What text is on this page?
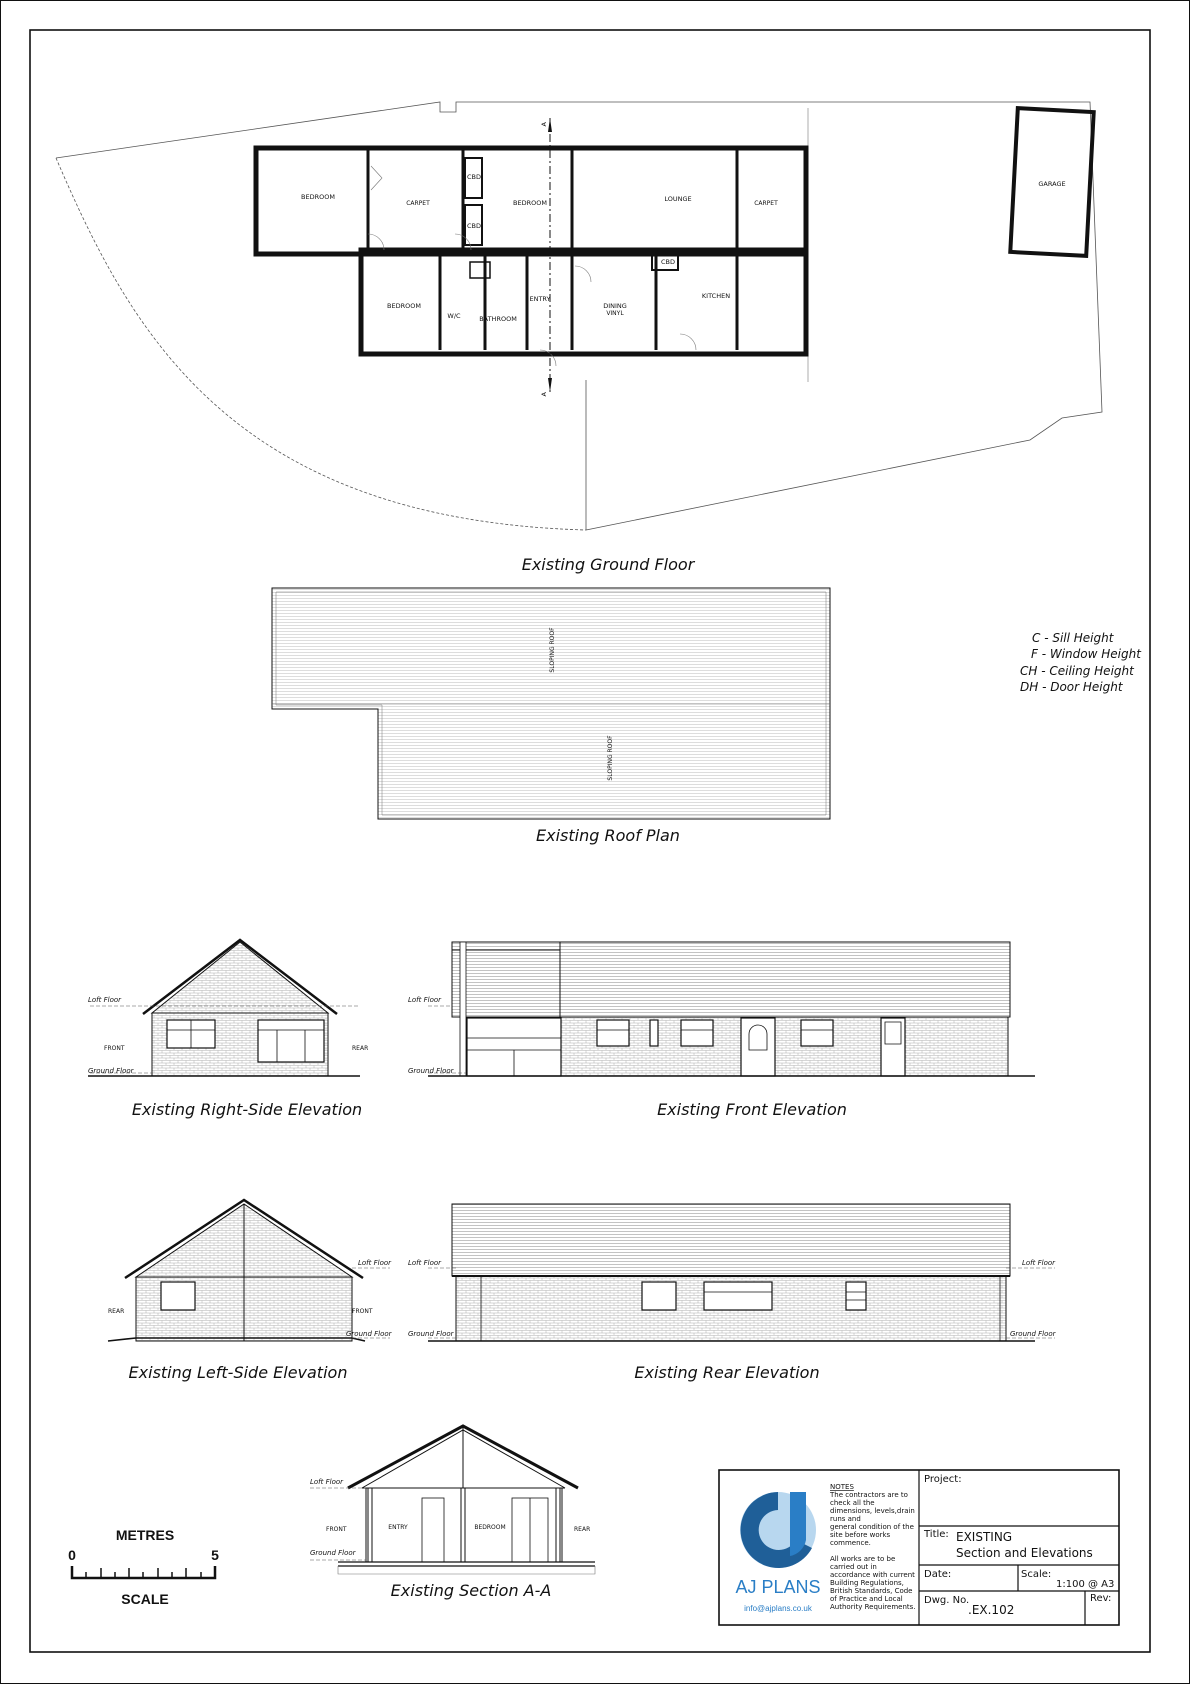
A
A
GARAGE
BEDROOM
BEDROOM
BEDROOM
LOUNGE
KITCHEN
DINING
BATHROOM
W/C
ENTRY
CBD
CBD
CBD
CARPET	CARPET
VINYL
Existing Ground Floor
SLOPING ROOF
SLOPING ROOF
Existing Roof Plan
C - Sill Height
F - Window Height
CH - Ceiling Height
DH - Door Height
Loft Floor
Ground Floor
FRONT	REAR
Existing Right-Side Elevation
Loft Floor
Ground Floor
Existing Front Elevation
Loft Floor
Ground Floor
REAR	FRONT
Existing Left-Side Elevation
Loft Floor
Ground Floor
Loft Floor
Ground Floor
Existing Rear Elevation
Loft Floor
Ground Floor
FRONT	REAR
ENTRY	BEDROOM
Existing Section A-A
METRES
0	5
SCALE
AJ PLANS
info@ajplans.co.uk
NOTES
The contractors are to
check all the
dimensions, levels,drain
runs and
general condition of the
site before works
commence.
All works are to be
carried out in
accordance with current
Building Regulations,
British Standards, Code
of Practice and Local
Authority Requirements.
Project:
Title: EXISTING
Section and Elevations
Date:	Scale:
1:100 @ A3
Dwg. No.
.EX.102
Rev:
